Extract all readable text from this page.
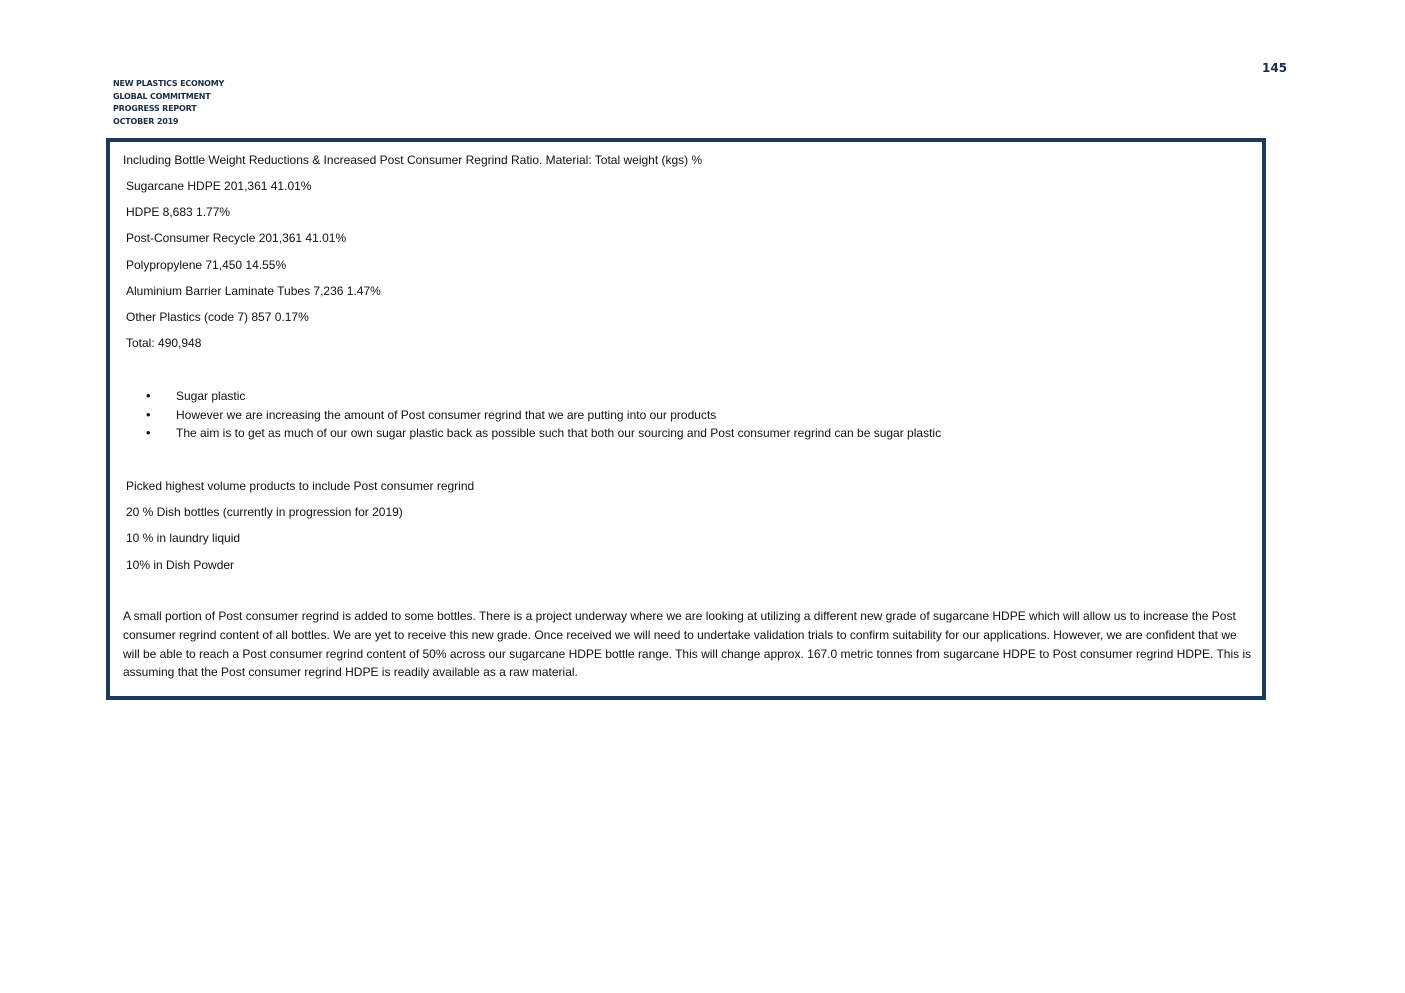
NEW PLASTICS ECONOMY
GLOBAL COMMITMENT
PROGRESS REPORT
OCTOBER 2019
145
Including Bottle Weight Reductions & Increased Post Consumer Regrind Ratio. Material: Total weight (kgs) %
Sugarcane HDPE 201,361 41.01%
HDPE 8,683 1.77%
Post-Consumer Recycle 201,361 41.01%
Polypropylene 71,450 14.55%
Aluminium Barrier Laminate Tubes 7,236 1.47%
Other Plastics (code 7) 857 0.17%
Total: 490,948
• Sugar plastic
• However we are increasing the amount of Post consumer regrind that we are putting into our products
• The aim is to get as much of our own sugar plastic back as possible such that both our sourcing and Post consumer regrind can be sugar plastic
Picked highest volume products to include Post consumer regrind
20 % Dish bottles (currently in progression for 2019)
10 % in laundry liquid
10% in Dish Powder
A small portion of Post consumer regrind is added to some bottles. There is a project underway where we are looking at utilizing a different new grade of sugarcane HDPE which will allow us to increase the Post consumer regrind content of all bottles. We are yet to receive this new grade. Once received we will need to undertake validation trials to confirm suitability for our applications. However, we are confident that we will be able to reach a Post consumer regrind content of 50% across our sugarcane HDPE bottle range. This will change approx. 167.0 metric tonnes from sugarcane HDPE to Post consumer regrind HDPE. This is assuming that the Post consumer regrind HDPE is readily available as a raw material.
